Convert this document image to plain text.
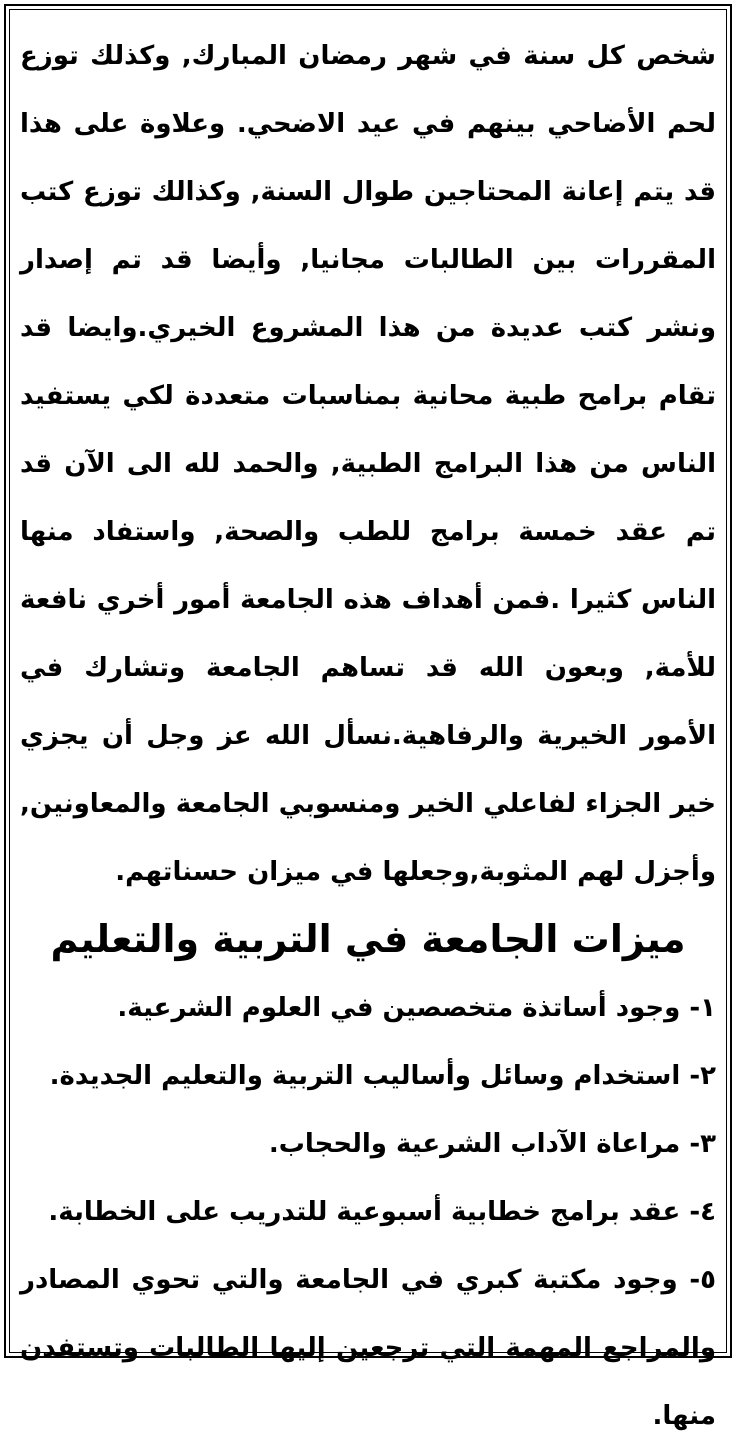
شخص كل سنة في شهر رمضان المبارك, وكذلك توزع لحم الأضاحي بينهم في عيد الاضحي. وعلاوة على هذا قد يتم إعانة المحتاجين طوال السنة, وكذالك توزع كتب المقررات بين الطالبات مجانيا, وأيضا قد تم إصدار ونشر كتب عديدة من هذا المشروع الخيري.وايضا قد تقام برامح طبية محانية بمناسبات متعددة لكي يستفيد الناس من هذا البرامج الطبية, والحمد لله الى الآن قد تم عقد خمسة برامج للطب والصحة, واستفاد منها الناس كثيرا .فمن أهداف هذه الجامعة أمور أخري نافعة للأمة, وبعون الله قد تساهم الجامعة وتشارك في الأمور الخيرية والرفاهية.نسأل الله عز وجل أن يجزي خير الجزاء لفاعلي الخير ومنسوبي الجامعة والمعاونين, وأجزل لهم المثوبة,وجعلها في ميزان حسناتهم.

ميزات الجامعة في التربية والتعليم
١- وجود أساتذة متخصصين في العلوم الشرعية.
٢- استخدام وسائل وأساليب التربية والتعليم الجديدة.
٣- مراعاة الآداب الشرعية والحجاب.
٤- عقد برامج خطابية أسبوعية للتدريب على الخطابة.
٥- وجود مكتبة كبري في الجامعة والتي تحوي المصادر والمراجع المهمة التي ترجعين إليها الطالبات وتستفدن منها.
